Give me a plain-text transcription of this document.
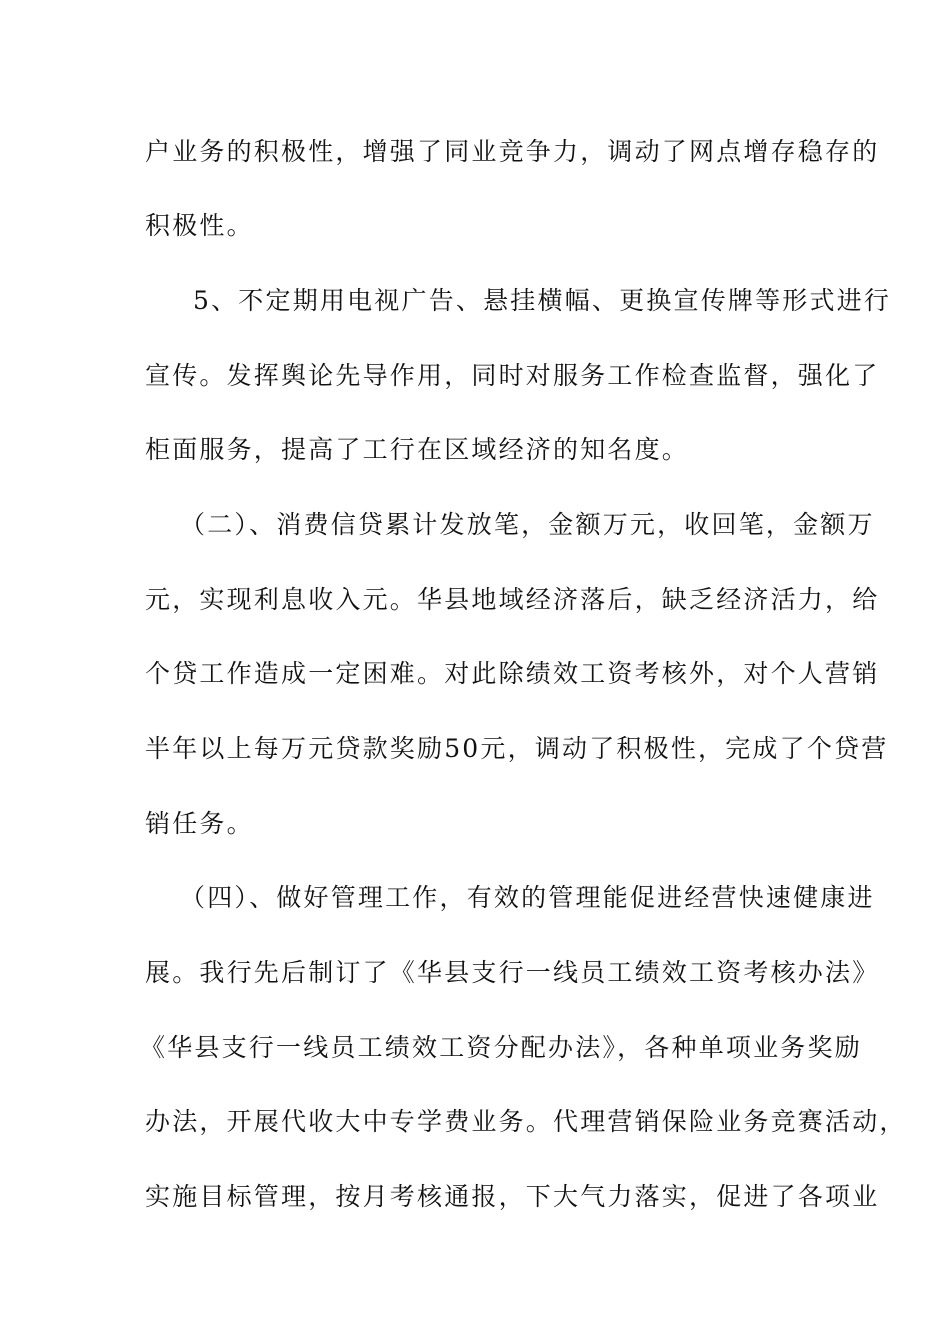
户业务的积极性，增强了同业竞争力，调动了网点增存稳存的
积极性。
5、不定期用电视广告、悬挂横幅、更换宣传牌等形式进行
宣传。发挥舆论先导作用，同时对服务工作检查监督，强化了
柜面服务，提高了工行在区域经济的知名度。
（二）、消费信贷累计发放笔，金额万元，收回笔，金额万
元，实现利息收入元。华县地域经济落后，缺乏经济活力，给
个贷工作造成一定困难。对此除绩效工资考核外，对个人营销
半年以上每万元贷款奖励50元，调动了积极性，完成了个贷营
销任务。
（四）、做好管理工作，有效的管理能促进经营快速健康进
展。我行先后制订了《华县支行一线员工绩效工资考核办法》
《华县支行一线员工绩效工资分配办法》，各种单项业务奖励
办法，开展代收大中专学费业务。代理营销保险业务竞赛活动，
实施目标管理，按月考核通报，下大气力落实，促进了各项业
